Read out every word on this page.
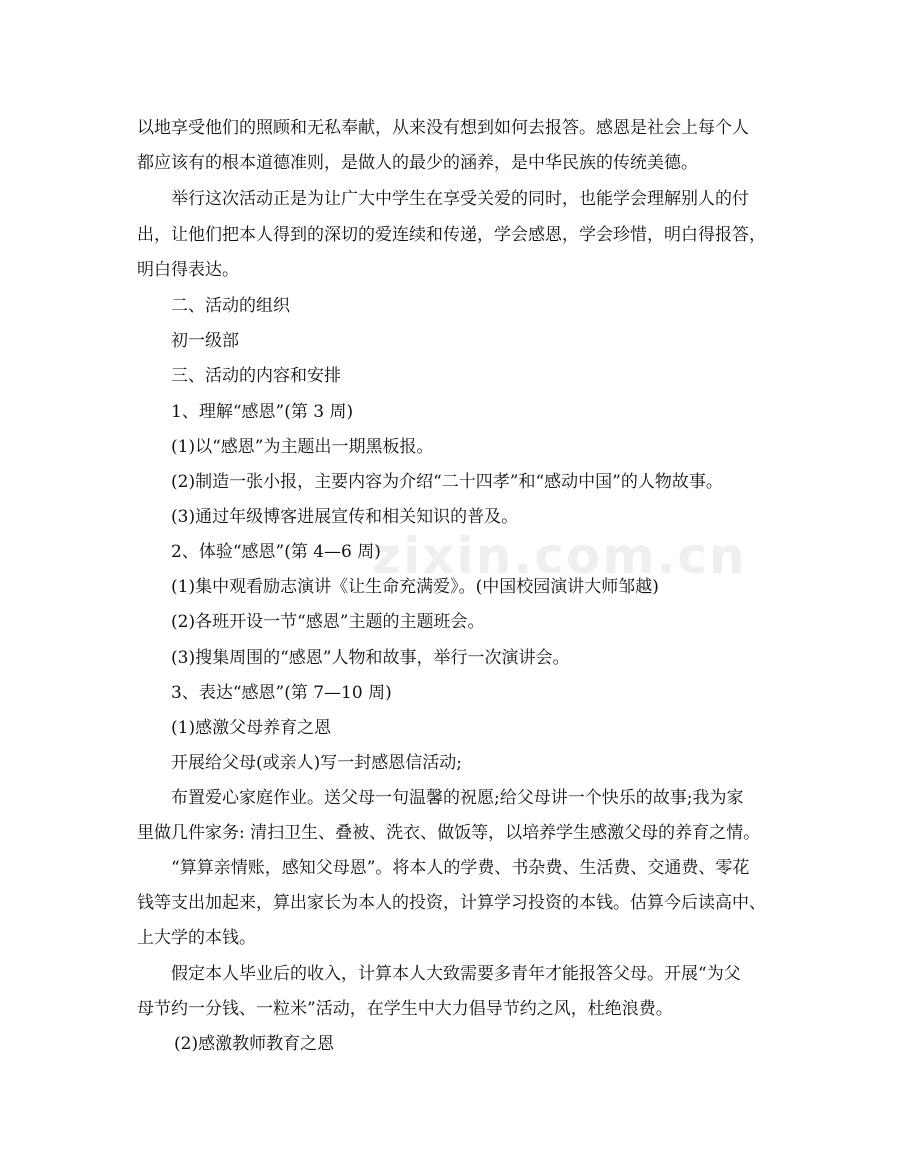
zixin.com.cn
以地享受他们的照顾和无私奉献，从来没有想到如何去报答。感恩是社会上每个人
都应该有的根本道德准则，是做人的最少的涵养，是中华民族的传统美德。
举行这次活动正是为让广大中学生在享受关爱的同时，也能学会理解别人的付
出，让他们把本人得到的深切的爱连续和传递，学会感恩，学会珍惜，明白得报答，
明白得表达。
二、活动的组织
初一级部
三、活动的内容和安排
1、理解“感恩”(第 3 周)
(1)以“感恩”为主题出一期黑板报。
(2)制造一张小报，主要内容为介绍“二十四孝”和“感动中国”的人物故事。
(3)通过年级博客进展宣传和相关知识的普及。
2、体验“感恩”(第 4—6 周)
(1)集中观看励志演讲《让生命充满爱》。(中国校园演讲大师邹越)
(2)各班开设一节“感恩”主题的主题班会。
(3)搜集周围的“感恩”人物和故事，举行一次演讲会。
3、表达“感恩”(第 7—10 周)
(1)感激父母养育之恩
开展给父母(或亲人)写一封感恩信活动;
布置爱心家庭作业。送父母一句温馨的祝愿;给父母讲一个快乐的故事;我为家
里做几件家务: 清扫卫生、叠被、洗衣、做饭等，以培养学生感激父母的养育之情。
“算算亲情账，感知父母恩”。将本人的学费、书杂费、生活费、交通费、零花
钱等支出加起来，算出家长为本人的投资，计算学习投资的本钱。估算今后读高中、
上大学的本钱。
假定本人毕业后的收入，计算本人大致需要多青年才能报答父母。开展“为父
母节约一分钱、一粒米”活动，在学生中大力倡导节约之风，杜绝浪费。
(2)感激教师教育之恩
